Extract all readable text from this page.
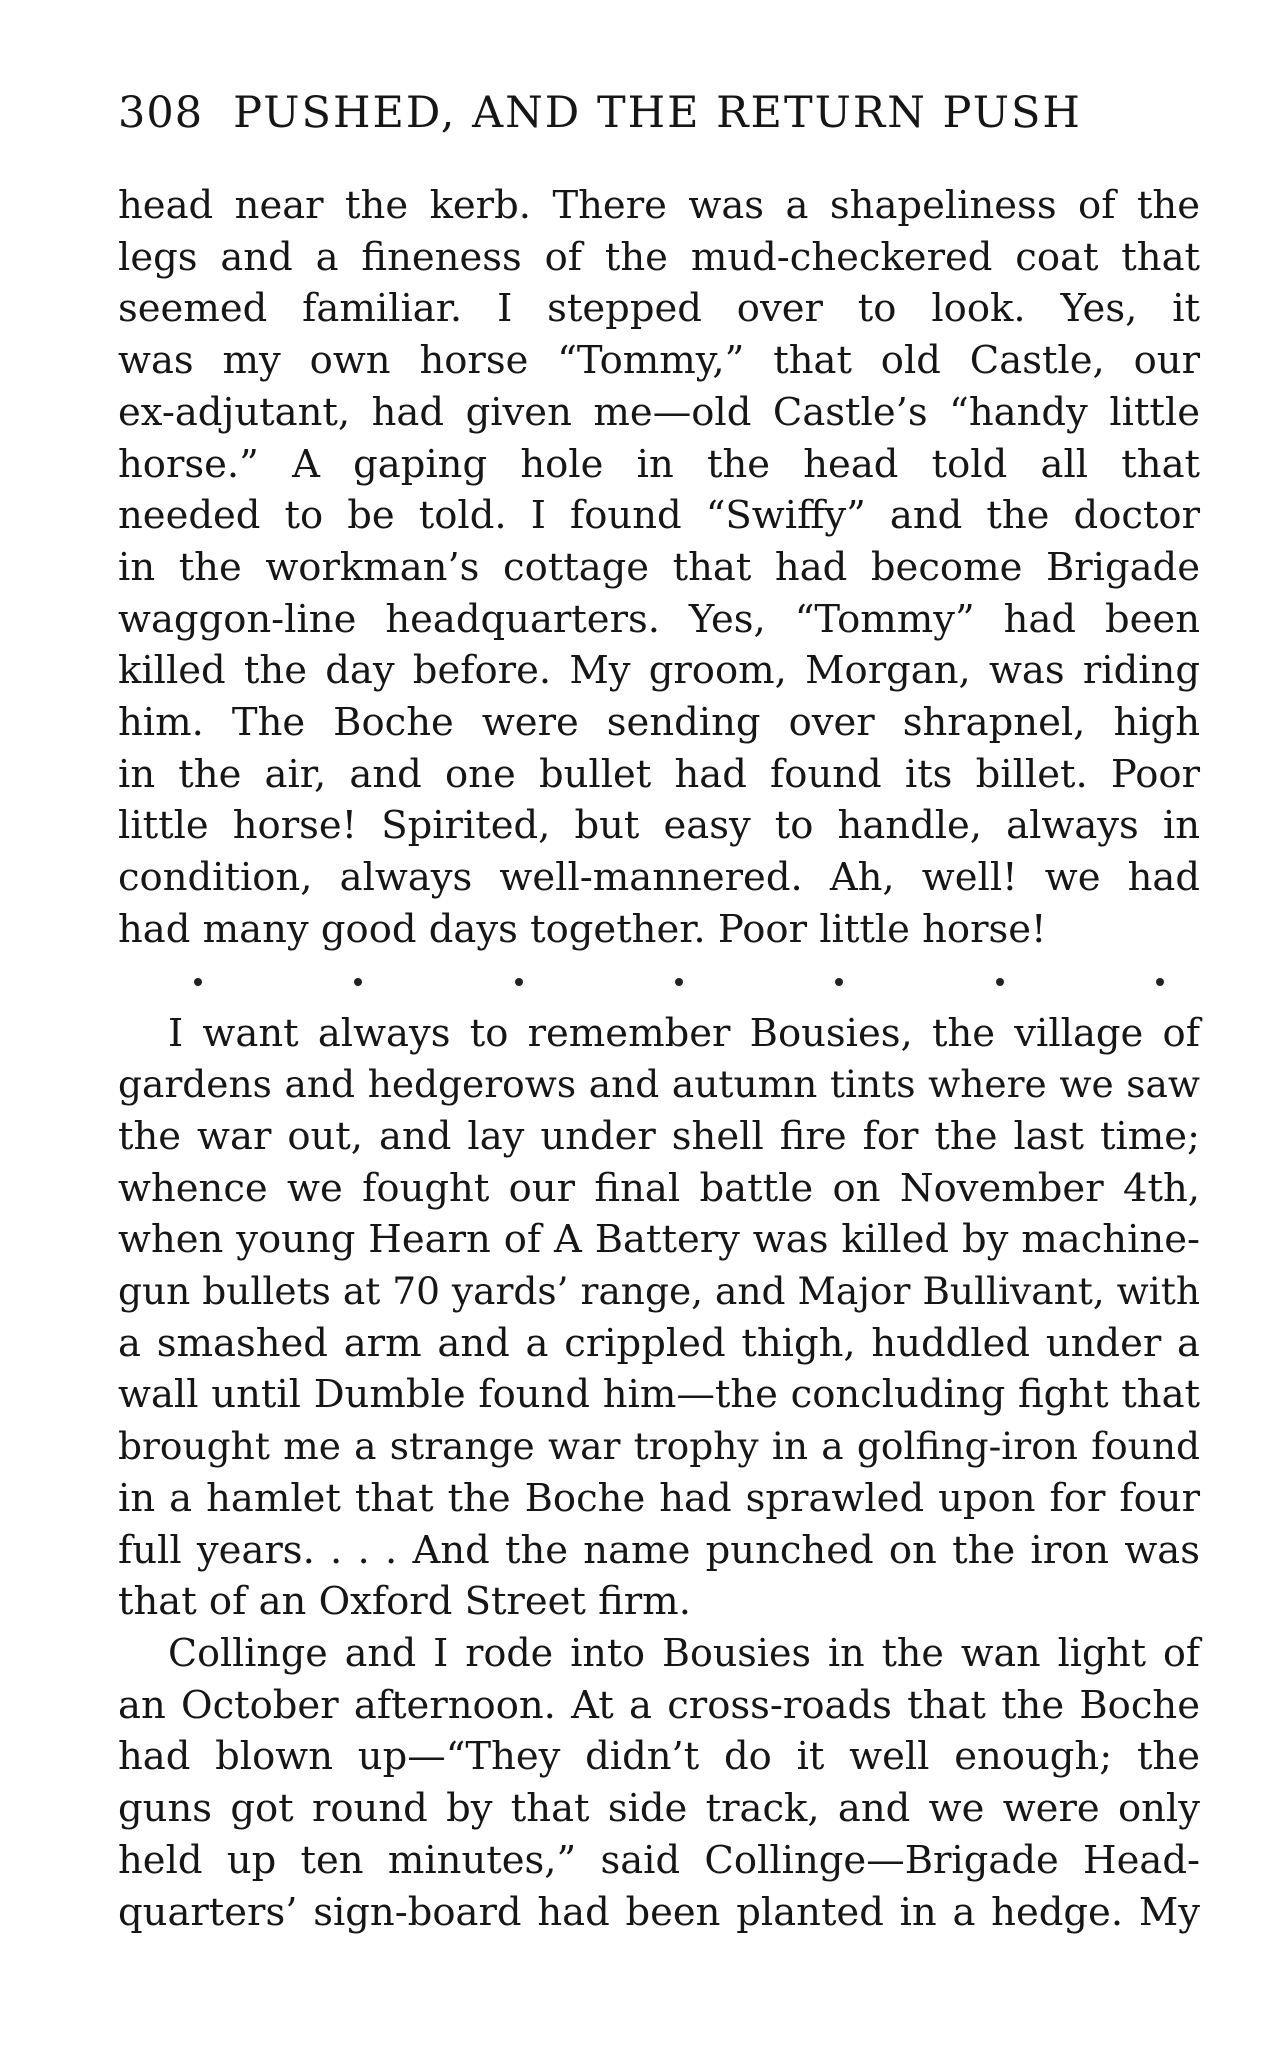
308 PUSHED, AND THE RETURN PUSH
head near the kerb. There was a shapeliness of the
legs and a fineness of the mud-checkered coat that
seemed familiar. I stepped over to look. Yes, it
was my own horse “Tommy,” that old Castle, our
ex-adjutant, had given me—old Castle’s “handy little
horse.” A gaping hole in the head told all that
needed to be told. I found “Swiffy” and the doctor
in the workman’s cottage that had become Brigade
waggon-line headquarters. Yes, “Tommy” had been
killed the day before. My groom, Morgan, was riding
him. The Boche were sending over shrapnel, high
in the air, and one bullet had found its billet. Poor
little horse! Spirited, but easy to handle, always in
condition, always well-mannered. Ah, well! we had
had many good days together. Poor little horse!
I want always to remember Bousies, the village of
gardens and hedgerows and autumn tints where we saw
the war out, and lay under shell fire for the last time;
whence we fought our final battle on November 4th,
when young Hearn of A Battery was killed by machine-
gun bullets at 70 yards’ range, and Major Bullivant, with
a smashed arm and a crippled thigh, huddled under a
wall until Dumble found him—the concluding fight that
brought me a strange war trophy in a golfing-iron found
in a hamlet that the Boche had sprawled upon for four
full years. . . . And the name punched on the iron was
that of an Oxford Street firm.
Collinge and I rode into Bousies in the wan light of
an October afternoon. At a cross-roads that the Boche
had blown up—“They didn’t do it well enough; the
guns got round by that side track, and we were only
held up ten minutes,” said Collinge—Brigade Head-
quarters’ sign-board had been planted in a hedge. My
